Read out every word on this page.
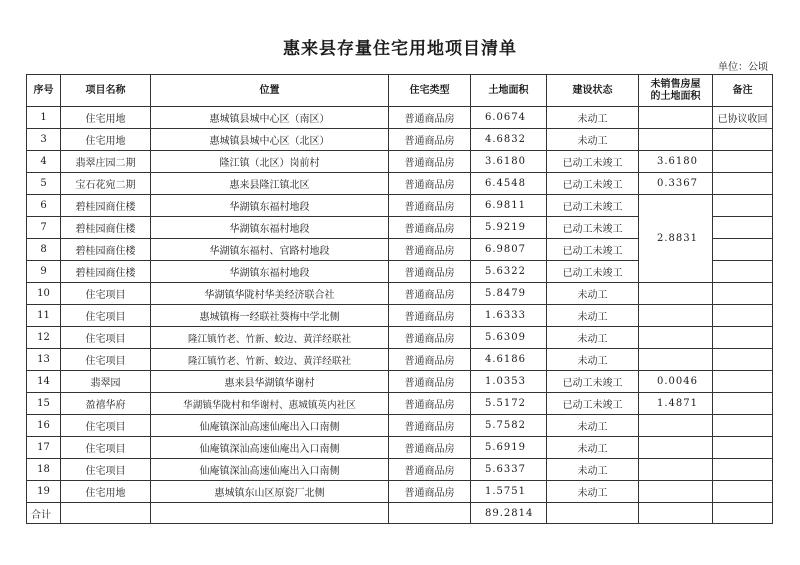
惠来县存量住宅用地项目清单
单位：公顷
序号	项目名称	位置	住宅类型	土地面积	建设状态	未销售房屋
的土地面积	备注
1	住宅用地	惠城镇县城中心区（南区）	普通商品房	6.0674	未动工		已协议收回
3	住宅用地	惠城镇县城中心区（北区）	普通商品房	4.6832	未动工		
4	翡翠庄园二期	隆江镇（北区）岗前村	普通商品房	3.6180	已动工未竣工	3.6180	
5	宝石花宛二期	惠来县隆江镇北区	普通商品房	6.4548	已动工未竣工	0.3367	
6	碧桂园商住楼	华湖镇东福村地段	普通商品房	6.9811	已动工未竣工	2.8831	
7	碧桂园商住楼	华湖镇东福村地段	普通商品房	5.9219	已动工未竣工		
8	碧桂园商住楼	华湖镇东福村、官路村地段	普通商品房	6.9807	已动工未竣工		
9	碧桂园商住楼	华湖镇东福村地段	普通商品房	5.6322	已动工未竣工		
10	住宅项目	华湖镇华陇村华美经济联合社	普通商品房	5.8479	未动工		
11	住宅项目	惠城镇梅一经联社葵梅中学北侧	普通商品房	1.6333	未动工		
12	住宅项目	隆江镇竹老、竹新、蛟边、黄洋经联社	普通商品房	5.6309	未动工		
13	住宅项目	隆江镇竹老、竹新、蛟边、黄洋经联社	普通商品房	4.6186	未动工		
14	翡翠园	惠来县华湖镇华谢村	普通商品房	1.0353	已动工未竣工	0.0046	
15	盈禧华府	华湖镇华陇村和华谢村、惠城镇英内社区	普通商品房	5.5172	已动工未竣工	1.4871	
16	住宅项目	仙庵镇深汕高速仙庵出入口南侧	普通商品房	5.7582	未动工		
17	住宅项目	仙庵镇深汕高速仙庵出入口南侧	普通商品房	5.6919	未动工		
18	住宅项目	仙庵镇深汕高速仙庵出入口南侧	普通商品房	5.6337	未动工		
19	住宅用地	惠城镇东山区原瓷厂北侧	普通商品房	1.5751	未动工		
合计				89.2814			
